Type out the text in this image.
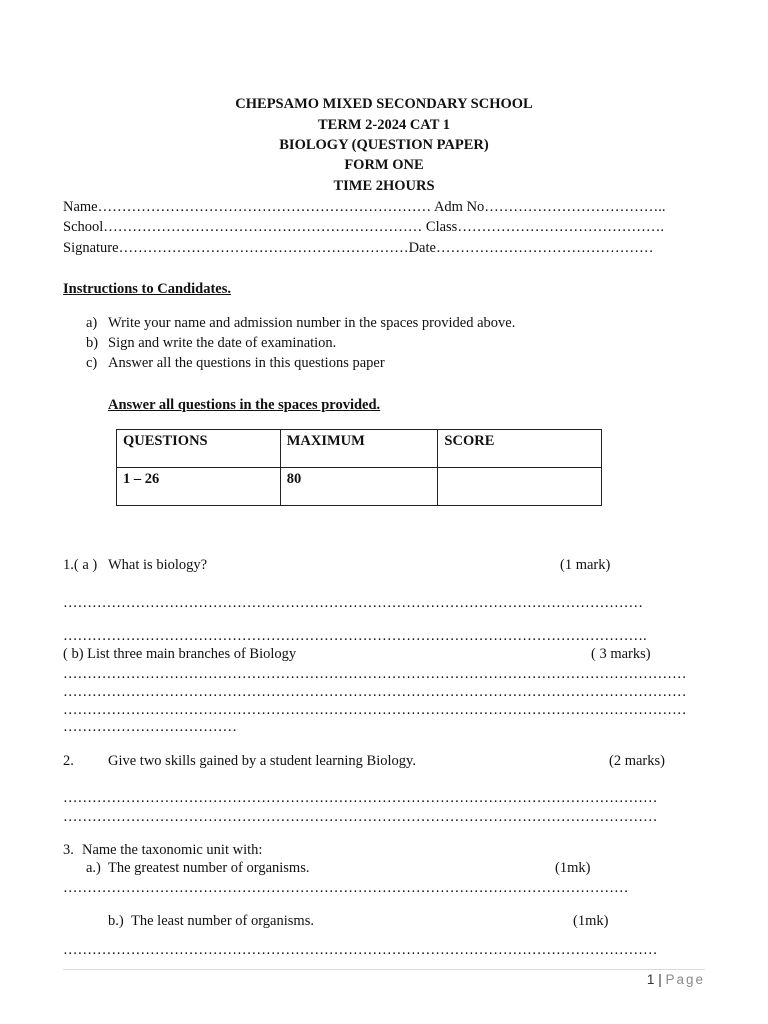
CHEPSAMO MIXED SECONDARY SCHOOL
TERM 2-2024 CAT 1
BIOLOGY (QUESTION PAPER)
FORM ONE
TIME 2HOURS
Name…………………………………………………………… Adm No………………………………..
School………………………………………………………… Class…………………………………….
Signature……………………………………………………Date………………………………………
Instructions to Candidates.
a) Write your name and admission number in the spaces provided above.
b) Sign and write the date of examination.
c) Answer all the questions in this questions paper
Answer all questions in the spaces provided.
QUESTIONS	MAXIMUM	SCORE
1 – 26	80	
1.( a ) What is biology?	(1 mark)
…………………………………………………………………………………………………………
………………………………………………………………………………………………………….
( b) List three main branches of Biology	( 3 marks)
…………………………………………………………………………………………………………………
…………………………………………………………………………………………………………………
…………………………………………………………………………………………………………………
………………………………
2. Give two skills gained by a student learning Biology.	(2 marks)
……………………………………………………………………………………………………………
……………………………………………………………………………………………………………
3. Name the taxonomic unit with:
a.) The greatest number of organisms.	(1mk)
………………………………………………………………………………………………………
b.) The least number of organisms.	(1mk)
……………………………………………………………………………………………………………
1 | Page
